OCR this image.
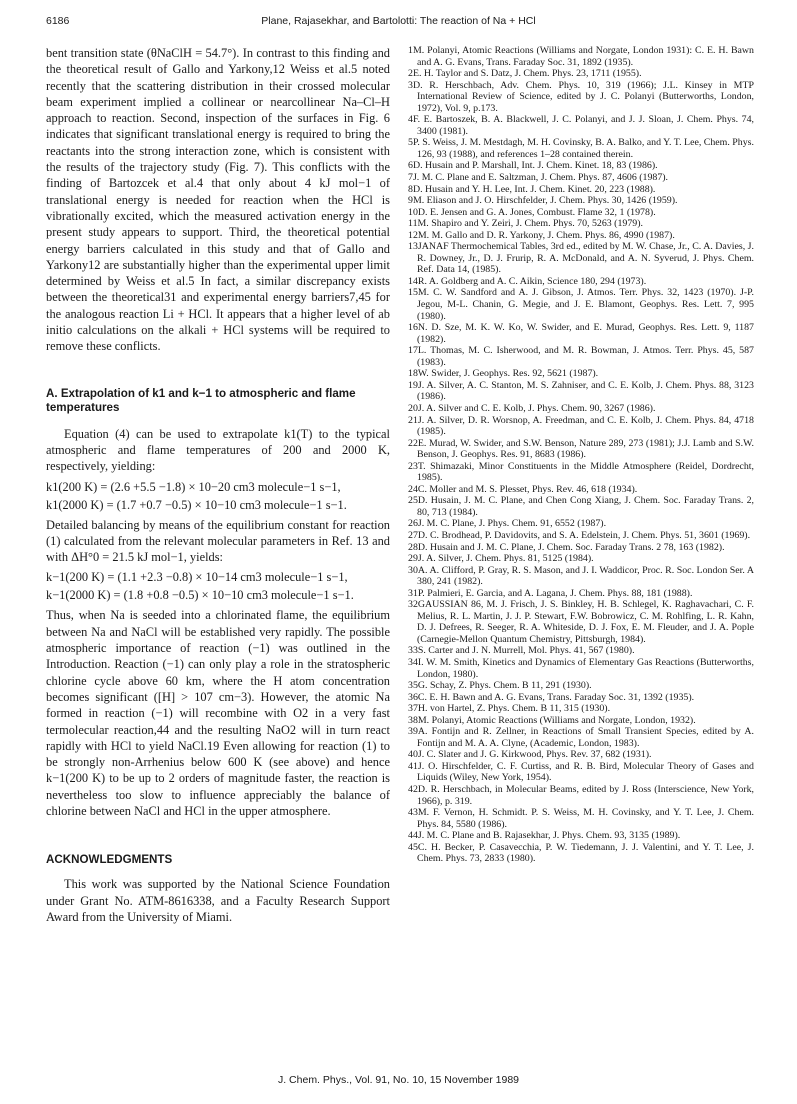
6186	Plane, Rajasekhar, and Bartolotti: The reaction of Na + HCl

bent transition state (θNaClH = 54.7°). In contrast to this finding and the theoretical result of Gallo and Yarkony,12 Weiss et al.5 noted recently that the scattering distribution in their crossed molecular beam experiment implied a collinear or nearcollinear Na–Cl–H approach to reaction. Second, inspection of the surfaces in Fig. 6 indicates that significant translational energy is required to bring the reactants into the strong interaction zone, which is consistent with the results of the trajectory study (Fig. 7). This conflicts with the finding of Bartozcek et al.4 that only about 4 kJ mol−1 of translational energy is needed for reaction when the HCl is vibrationally excited, which the measured activation energy in the present study appears to support. Third, the theoretical potential energy barriers calculated in this study and that of Gallo and Yarkony12 are substantially higher than the experimental upper limit determined by Weiss et al.5 In fact, a similar discrepancy exists between the theoretical31 and experimental energy barriers7,45 for the analogous reaction Li + HCl. It appears that a higher level of ab initio calculations on the alkali + HCl systems will be required to remove these conflicts.

A. Extrapolation of k1 and k−1 to atmospheric and flame temperatures

Equation (4) can be used to extrapolate k1(T) to the typical atmospheric and flame temperatures of 200 and 2000 K, respectively, yielding:

k1(200 K) = (2.6 +5.5 −1.8) × 10−20 cm3 molecule−1 s−1,

k1(2000 K) = (1.7 +0.7 −0.5) × 10−10 cm3 molecule−1 s−1.

Detailed balancing by means of the equilibrium constant for reaction (1) calculated from the relevant molecular parameters in Ref. 13 and with ΔH°0 = 21.5 kJ mol−1, yields:

k−1(200 K) = (1.1 +2.3 −0.8) × 10−14 cm3 molecule−1 s−1,

k−1(2000 K) = (1.8 +0.8 −0.5) × 10−10 cm3 molecule−1 s−1.

Thus, when Na is seeded into a chlorinated flame, the equilibrium between Na and NaCl will be established very rapidly. The possible atmospheric importance of reaction (−1) was outlined in the Introduction. Reaction (−1) can only play a role in the stratospheric chlorine cycle above 60 km, where the H atom concentration becomes significant ([H] > 107 cm−3). However, the atomic Na formed in reaction (−1) will recombine with O2 in a very fast termolecular reaction,44 and the resulting NaO2 will in turn react rapidly with HCl to yield NaCl.19 Even allowing for reaction (1) to be strongly non-Arrhenius below 600 K (see above) and hence k−1(200 K) to be up to 2 orders of magnitude faster, the reaction is nevertheless too slow to influence appreciably the balance of chlorine between NaCl and HCl in the upper atmosphere.

ACKNOWLEDGMENTS

This work was supported by the National Science Foundation under Grant No. ATM-8616338, and a Faculty Research Support Award from the University of Miami.

1M. Polanyi, Atomic Reactions (Williams and Norgate, London 1931): C. E. H. Bawn and A. G. Evans, Trans. Faraday Soc. 31, 1892 (1935).

2E. H. Taylor and S. Datz, J. Chem. Phys. 23, 1711 (1955).

3D. R. Herschbach, Adv. Chem. Phys. 10, 319 (1966); J.L. Kinsey in MTP International Review of Science, edited by J. C. Polanyi (Butterworths, London, 1972), Vol. 9, p.173.

4F. E. Bartoszek, B. A. Blackwell, J. C. Polanyi, and J. J. Sloan, J. Chem. Phys. 74, 3400 (1981).

5P. S. Weiss, J. M. Mestdagh, M. H. Covinsky, B. A. Balko, and Y. T. Lee, Chem. Phys. 126, 93 (1988), and references 1–28 contained therein.

6D. Husain and P. Marshall, Int. J. Chem. Kinet. 18, 83 (1986).

7J. M. C. Plane and E. Saltzman, J. Chem. Phys. 87, 4606 (1987).

8D. Husain and Y. H. Lee, Int. J. Chem. Kinet. 20, 223 (1988).

9M. Eliason and J. O. Hirschfelder, J. Chem. Phys. 30, 1426 (1959).

10D. E. Jensen and G. A. Jones, Combust. Flame 32, 1 (1978).

11M. Shapiro and Y. Zeiri, J. Chem. Phys. 70, 5263 (1979).

12M. M. Gallo and D. R. Yarkony, J. Chem. Phys. 86, 4990 (1987).

13JANAF Thermochemical Tables, 3rd ed., edited by M. W. Chase, Jr., C. A. Davies, J. R. Downey, Jr., D. J. Frurip, R. A. McDonald, and A. N. Syverud, J. Phys. Chem. Ref. Data 14, (1985).

14R. A. Goldberg and A. C. Aikin, Science 180, 294 (1973).

15M. C. W. Sandford and A. J. Gibson, J. Atmos. Terr. Phys. 32, 1423 (1970). J-P. Jegou, M-L. Chanin, G. Megie, and J. E. Blamont, Geophys. Res. Lett. 7, 995 (1980).

16N. D. Sze, M. K. W. Ko, W. Swider, and E. Murad, Geophys. Res. Lett. 9, 1187 (1982).

17L. Thomas, M. C. Isherwood, and M. R. Bowman, J. Atmos. Terr. Phys. 45, 587 (1983).

18W. Swider, J. Geophys. Res. 92, 5621 (1987).

19J. A. Silver, A. C. Stanton, M. S. Zahniser, and C. E. Kolb, J. Chem. Phys. 88, 3123 (1986).

20J. A. Silver and C. E. Kolb, J. Phys. Chem. 90, 3267 (1986).

21J. A. Silver, D. R. Worsnop, A. Freedman, and C. E. Kolb, J. Chem. Phys. 84, 4718 (1985).

22E. Murad, W. Swider, and S.W. Benson, Nature 289, 273 (1981); J.J. Lamb and S.W. Benson, J. Geophys. Res. 91, 8683 (1986).

23T. Shimazaki, Minor Constituents in the Middle Atmosphere (Reidel, Dordrecht, 1985).

24C. Moller and M. S. Plesset, Phys. Rev. 46, 618 (1934).

25D. Husain, J. M. C. Plane, and Chen Cong Xiang, J. Chem. Soc. Faraday Trans. 2, 80, 713 (1984).

26J. M. C. Plane, J. Phys. Chem. 91, 6552 (1987).

27D. C. Brodhead, P. Davidovits, and S. A. Edelstein, J. Chem. Phys. 51, 3601 (1969).

28D. Husain and J. M. C. Plane, J. Chem. Soc. Faraday Trans. 2 78, 163 (1982).

29J. A. Silver, J. Chem. Phys. 81, 5125 (1984).

30A. A. Clifford, P. Gray, R. S. Mason, and J. I. Waddicor, Proc. R. Soc. London Ser. A 380, 241 (1982).

31P. Palmieri, E. Garcia, and A. Lagana, J. Chem. Phys. 88, 181 (1988).

32GAUSSIAN 86, M. J. Frisch, J. S. Binkley, H. B. Schlegel, K. Raghavachari, C. F. Melius, R. L. Martin, J. J. P. Stewart, F.W. Bobrowicz, C. M. Rohlfing, L. R. Kahn, D. J. Defrees, R. Seeger, R. A. Whiteside, D. J. Fox, E. M. Fleuder, and J. A. Pople (Carnegie-Mellon Quantum Chemistry, Pittsburgh, 1984).

33S. Carter and J. N. Murrell, Mol. Phys. 41, 567 (1980).

34I. W. M. Smith, Kinetics and Dynamics of Elementary Gas Reactions (Butterworths, London, 1980).

35G. Schay, Z. Phys. Chem. B 11, 291 (1930).

36C. E. H. Bawn and A. G. Evans, Trans. Faraday Soc. 31, 1392 (1935).

37H. von Hartel, Z. Phys. Chem. B 11, 315 (1930).

38M. Polanyi, Atomic Reactions (Williams and Norgate, London, 1932).

39A. Fontijn and R. Zellner, in Reactions of Small Transient Species, edited by A. Fontijn and M. A. A. Clyne, (Academic, London, 1983).

40J. C. Slater and J. G. Kirkwood, Phys. Rev. 37, 682 (1931).

41J. O. Hirschfelder, C. F. Curtiss, and R. B. Bird, Molecular Theory of Gases and Liquids (Wiley, New York, 1954).

42D. R. Herschbach, in Molecular Beams, edited by J. Ross (Interscience, New York, 1966), p. 319.

43M. F. Vernon, H. Schmidt. P. S. Weiss, M. H. Covinsky, and Y. T. Lee, J. Chem. Phys. 84, 5580 (1986).

44J. M. C. Plane and B. Rajasekhar, J. Phys. Chem. 93, 3135 (1989).

45C. H. Becker, P. Casavecchia, P. W. Tiedemann, J. J. Valentini, and Y. T. Lee, J. Chem. Phys. 73, 2833 (1980).

J. Chem. Phys., Vol. 91, No. 10, 15 November 1989
